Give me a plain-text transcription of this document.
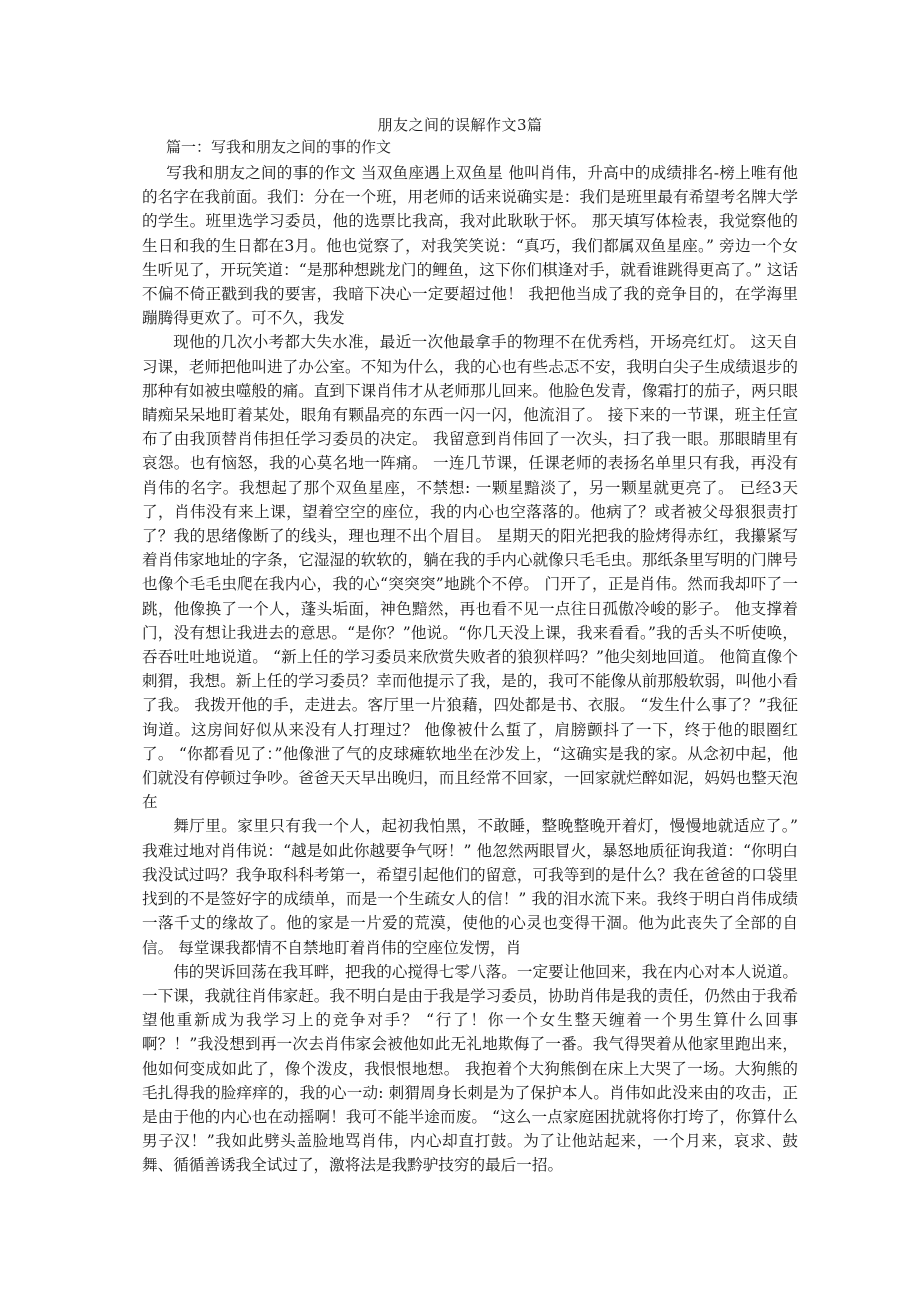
朋友之间的误解作文3篇
篇一：写我和朋友之间的事的作文

写我和朋友之间的事的作文 当双鱼座遇上双鱼星 他叫肖伟，升高中的成绩排名-榜上唯有他的名字在我前面。我们：分在一个班，用老师的话来说确实是：我们是班里最有希望考名牌大学的学生。班里选学习委员，他的选票比我高，我对此耿耿于怀。 那天填写体检表，我觉察他的生日和我的生日都在3月。他也觉察了，对我笑笑说：“真巧，我们都属双鱼星座。” 旁边一个女生听见了，开玩笑道：“是那种想跳龙门的鲤鱼，这下你们棋逢对手，就看谁跳得更高了。” 这话不偏不倚正戳到我的要害，我暗下决心一定要超过他！ 我把他当成了我的竞争目的，在学海里蹦腾得更欢了。可不久，我发

现他的几次小考都大失水准，最近一次他最拿手的物理不在优秀档，开场亮红灯。 这天自习课，老师把他叫进了办公室。不知为什么，我的心也有些忐忑不安，我明白尖子生成绩退步的那种有如被虫噬般的痛。直到下课肖伟才从老师那儿回来。他脸色发青，像霜打的茄子，两只眼睛痴呆呆地盯着某处，眼角有颗晶亮的东西一闪一闪，他流泪了。 接下来的一节课，班主任宣布了由我顶替肖伟担任学习委员的决定。 我留意到肖伟回了一次头，扫了我一眼。那眼睛里有哀怨。也有恼怒，我的心莫名地一阵痛。 一连几节课，任课老师的表扬名单里只有我，再没有肖伟的名字。我想起了那个双鱼星座，不禁想: 一颗星黯淡了，另一颗星就更亮了。 已经3天了，肖伟没有来上课，望着空空的座位，我的内心也空落落的。他病了？或者被父母狠狠责打了？我的思绪像断了的线头，理也理不出个眉目。 星期天的阳光把我的脸烤得赤红，我攥紧写着肖伟家地址的字条，它湿湿的软软的，躺在我的手内心就像只毛毛虫。那纸条里写明的门牌号也像个毛毛虫爬在我内心，我的心“突突突”地跳个不停。 门开了，正是肖伟。然而我却吓了一跳，他像换了一个人，蓬头垢面，神色黯然，再也看不见一点往日孤傲冷峻的影子。 他支撑着门，没有想让我进去的意思。“是你？”他说。“你几天没上课，我来看看。”我的舌头不听使唤，吞吞吐吐地说道。 “新上任的学习委员来欣赏失败者的狼狈样吗？”他尖刻地回道。 他简直像个刺猬，我想。新上任的学习委员？幸而他提示了我，是的，我可不能像从前那般软弱，叫他小看了我。 我拨开他的手，走进去。客厅里一片狼藉，四处都是书、衣服。 “发生什么事了？”我征询道。这房间好似从来没有人打理过？ 他像被什么蜇了，肩膀颤抖了一下，终于他的眼圈红了。 “你都看见了：”他像泄了气的皮球瘫软地坐在沙发上，“这确实是我的家。从念初中起，他们就没有停顿过争吵。爸爸天天早出晚归，而且经常不回家，一回家就烂醉如泥，妈妈也整天泡在

舞厅里。家里只有我一个人，起初我怕黑，不敢睡，整晚整晚开着灯，慢慢地就适应了。” 我难过地对肖伟说：“越是如此你越要争气呀！” 他忽然两眼冒火，暴怒地质征询我道：“你明白我没试过吗？我争取科科考第一，希望引起他们的留意，可我等到的是什么？我在爸爸的口袋里找到的不是签好字的成绩单，而是一个生疏女人的信！” 我的泪水流下来。我终于明白肖伟成绩一落千丈的缘故了。他的家是一片爱的荒漠，使他的心灵也变得干涸。他为此丧失了全部的自信。 每堂课我都情不自禁地盯着肖伟的空座位发愣，肖

伟的哭诉回荡在我耳畔，把我的心搅得七零八落。一定要让他回来，我在内心对本人说道。 一下课，我就往肖伟家赶。我不明白是由于我是学习委员，协助肖伟是我的责任，仍然由于我希望他重新成为我学习上的竞争对手？ “行了！你一个女生整天缠着一个男生算什么回事啊？！”我没想到再一次去肖伟家会被他如此无礼地欺侮了一番。我气得哭着从他家里跑出来，他如何变成如此了，像个泼皮，我恨恨地想。 我抱着个大狗熊倒在床上大哭了一场。大狗熊的毛扎得我的脸痒痒的，我的心一动: 刺猬周身长刺是为了保护本人。肖伟如此没来由的攻击，正是由于他的内心也在动摇啊！我可不能半途而废。 “这么一点家庭困扰就将你打垮了，你算什么男子汉！”我如此劈头盖脸地骂肖伟，内心却直打鼓。为了让他站起来，一个月来，哀求、鼓舞、循循善诱我全试过了，激将法是我黔驴技穷的最后一招。
